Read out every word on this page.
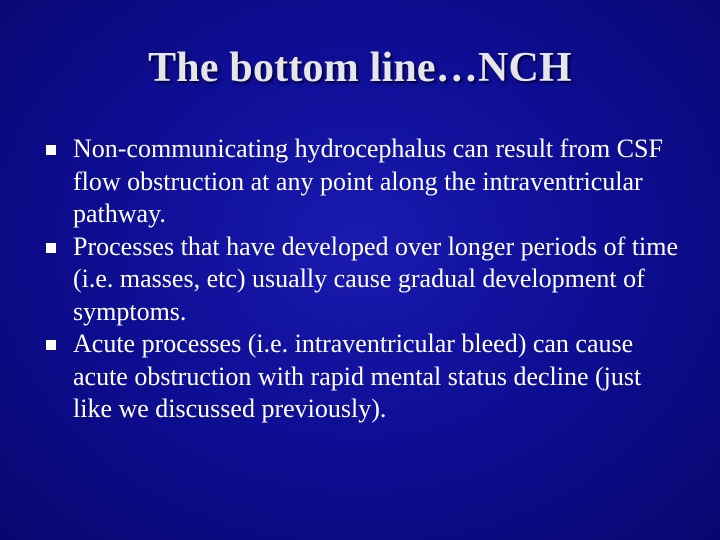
The bottom line…NCH
Non-communicating hydrocephalus can result from CSF flow obstruction at any point along the intraventricular pathway.
Processes that have developed over longer periods of time (i.e. masses, etc) usually cause gradual development of symptoms.
Acute processes (i.e. intraventricular bleed) can cause acute obstruction with rapid mental status decline (just like we discussed previously).
